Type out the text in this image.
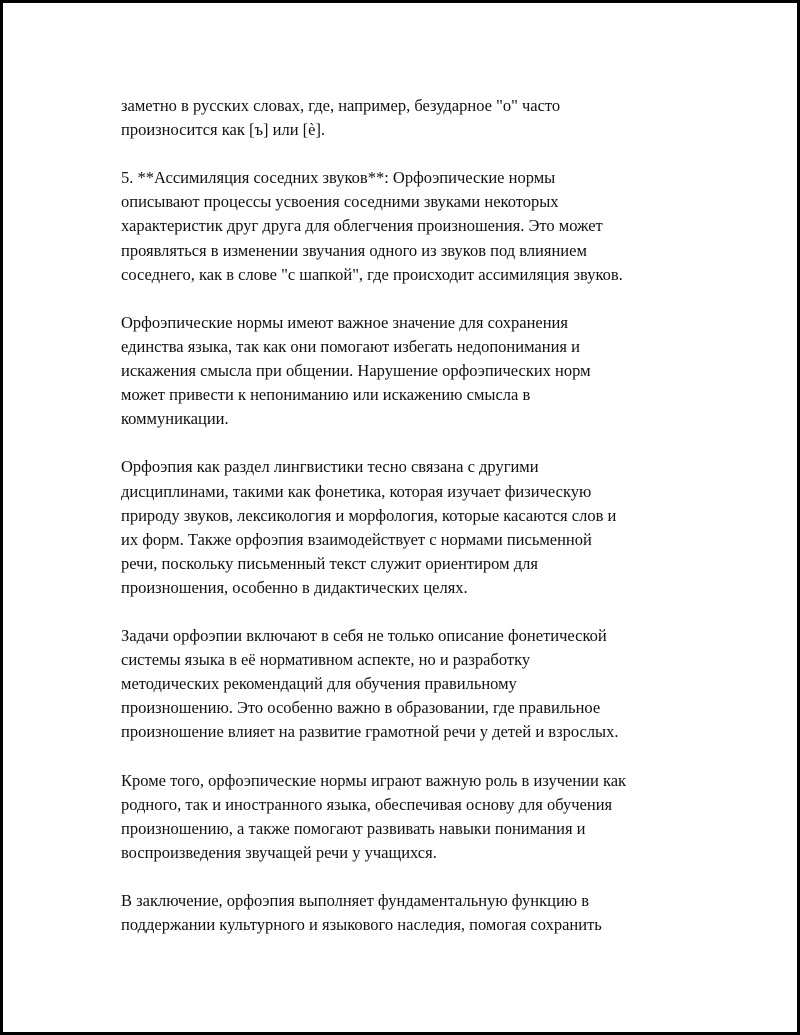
заметно в русских словах, где, например, безударное "о" часто
произносится как [ъ] или [è].

5. **Ассимиляция соседних звуков**: Орфоэпические нормы
описывают процессы усвоения соседними звуками некоторых
характеристик друг друга для облегчения произношения. Это может
проявляться в изменении звучания одного из звуков под влиянием
соседнего, как в слове "с шапкой", где происходит ассимиляция звуков.

Орфоэпические нормы имеют важное значение для сохранения
единства языка, так как они помогают избегать недопонимания и
искажения смысла при общении. Нарушение орфоэпических норм
может привести к непониманию или искажению смысла в
коммуникации.

Орфоэпия как раздел лингвистики тесно связана с другими
дисциплинами, такими как фонетика, которая изучает физическую
природу звуков, лексикология и морфология, которые касаются слов и
их форм. Также орфоэпия взаимодействует с нормами письменной
речи, поскольку письменный текст служит ориентиром для
произношения, особенно в дидактических целях.

Задачи орфоэпии включают в себя не только описание фонетической
системы языка в её нормативном аспекте, но и разработку
методических рекомендаций для обучения правильному
произношению. Это особенно важно в образовании, где правильное
произношение влияет на развитие грамотной речи у детей и взрослых.

Кроме того, орфоэпические нормы играют важную роль в изучении как
родного, так и иностранного языка, обеспечивая основу для обучения
произношению, а также помогают развивать навыки понимания и
воспроизведения звучащей речи у учащихся.

В заключение, орфоэпия выполняет фундаментальную функцию в
поддержании культурного и языкового наследия, помогая сохранить
